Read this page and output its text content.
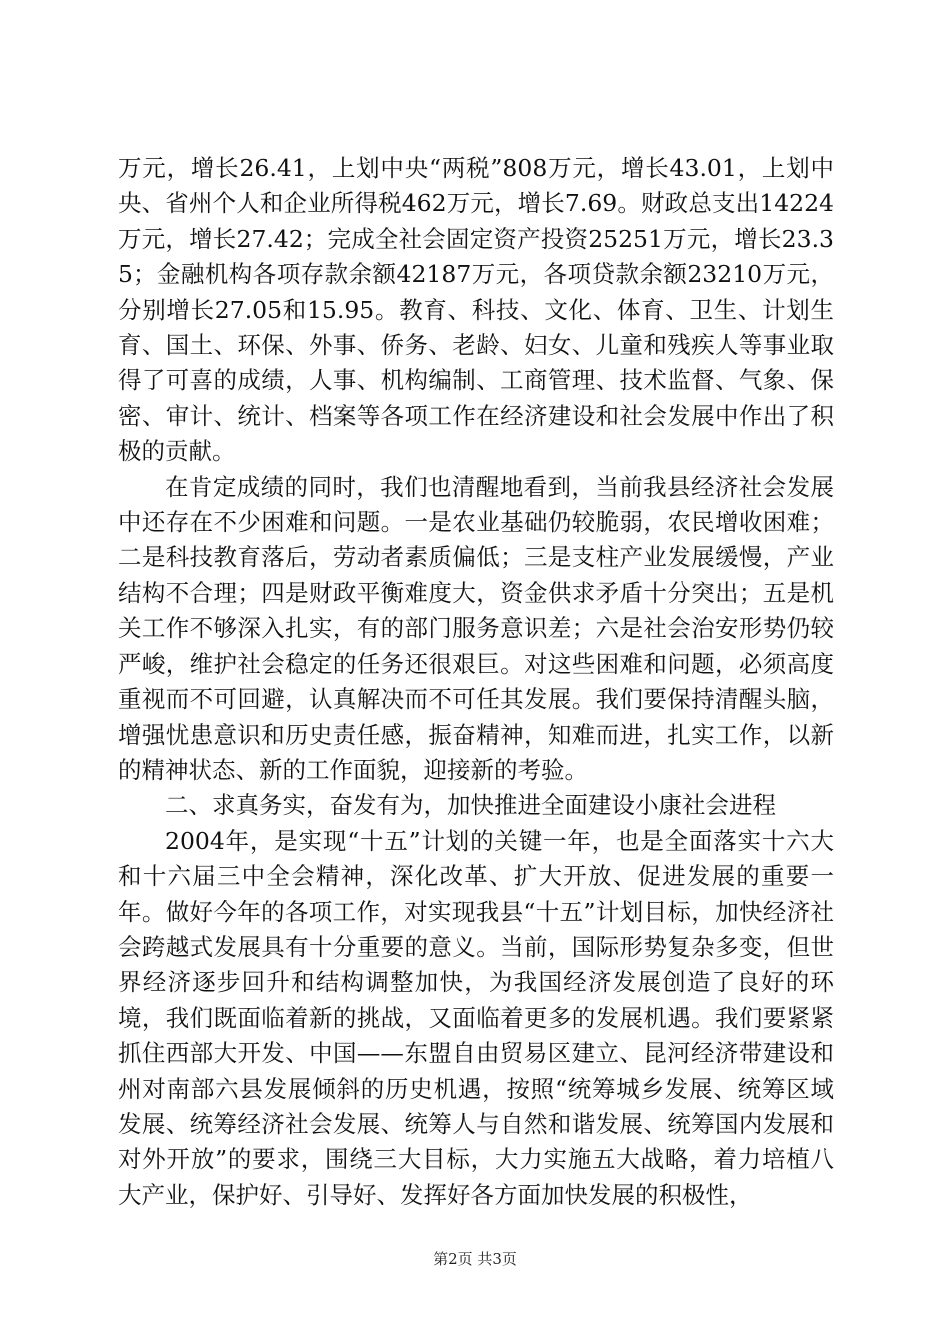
万元，增长26.41，上划中央“两税”808万元，增长43.01，上划中央、省州个人和企业所得税462万元，增长7.69。财政总支出14224万元，增长27.42；完成全社会固定资产投资25251万元，增长23.35；金融机构各项存款余额42187万元，各项贷款余额23210万元，分别增长27.05和15.95。教育、科技、文化、体育、卫生、计划生育、国土、环保、外事、侨务、老龄、妇女、儿童和残疾人等事业取得了可喜的成绩，人事、机构编制、工商管理、技术监督、气象、保密、审计、统计、档案等各项工作在经济建设和社会发展中作出了积极的贡献。

在肯定成绩的同时，我们也清醒地看到，当前我县经济社会发展中还存在不少困难和问题。一是农业基础仍较脆弱，农民增收困难；二是科技教育落后，劳动者素质偏低；三是支柱产业发展缓慢，产业结构不合理；四是财政平衡难度大，资金供求矛盾十分突出；五是机关工作不够深入扎实，有的部门服务意识差；六是社会治安形势仍较严峻，维护社会稳定的任务还很艰巨。对这些困难和问题，必须高度重视而不可回避，认真解决而不可任其发展。我们要保持清醒头脑，增强忧患意识和历史责任感，振奋精神，知难而进，扎实工作，以新的精神状态、新的工作面貌，迎接新的考验。

二、求真务实，奋发有为，加快推进全面建设小康社会进程

2004年，是实现“十五”计划的关键一年，也是全面落实十六大和十六届三中全会精神，深化改革、扩大开放、促进发展的重要一年。做好今年的各项工作，对实现我县“十五”计划目标，加快经济社会跨越式发展具有十分重要的意义。当前，国际形势复杂多变，但世界经济逐步回升和结构调整加快，为我国经济发展创造了良好的环境，我们既面临着新的挑战，又面临着更多的发展机遇。我们要紧紧抓住西部大开发、中国——东盟自由贸易区建立、昆河经济带建设和州对南部六县发展倾斜的历史机遇，按照“统筹城乡发展、统筹区域发展、统筹经济社会发展、统筹人与自然和谐发展、统筹国内发展和对外开放”的要求，围绕三大目标，大力实施五大战略，着力培植八大产业，保护好、引导好、发挥好各方面加快发展的积极性，

第2页 共3页
